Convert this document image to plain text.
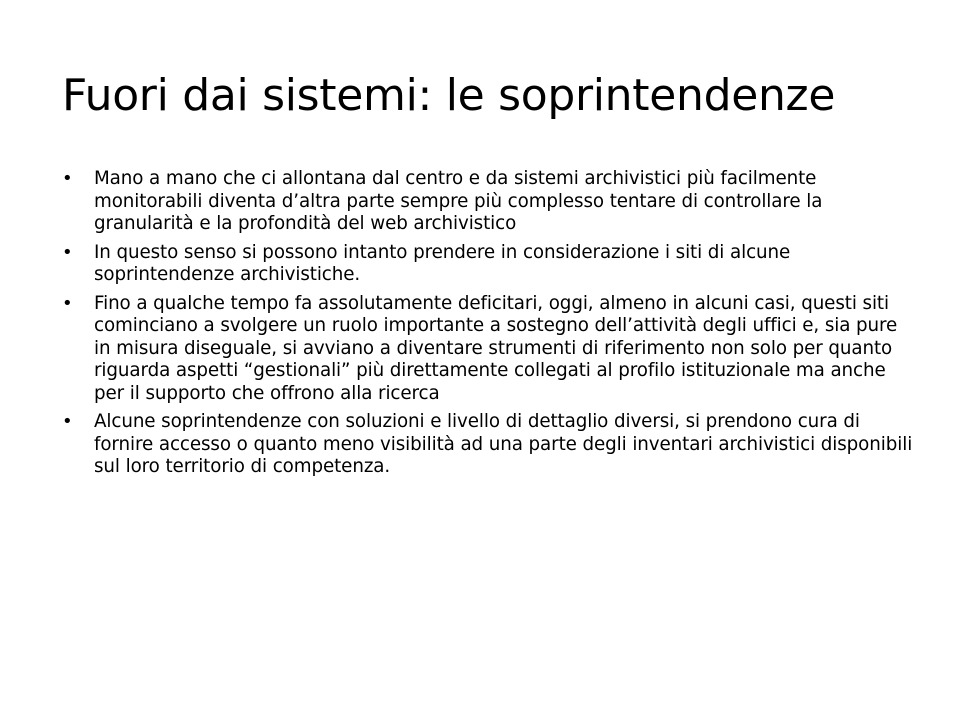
Fuori dai sistemi: le soprintendenze
• Mano a mano che ci allontana dal centro e da sistemi archivistici più facilmente monitorabili diventa d’altra parte sempre più complesso tentare di controllare la granularità e la profondità del web archivistico
• In questo senso si possono intanto prendere in considerazione i siti di alcune soprintendenze archivistiche.
• Fino a qualche tempo fa assolutamente deficitari, oggi, almeno in alcuni casi, questi siti cominciano a svolgere un ruolo importante a sostegno dell’attività degli uffici e, sia pure in misura diseguale, si avviano a diventare strumenti di riferimento non solo per quanto riguarda aspetti “gestionali” più direttamente collegati al profilo istituzionale ma anche per il supporto che offrono alla ricerca
• Alcune soprintendenze con soluzioni e livello di dettaglio diversi, si prendono cura di fornire accesso o quanto meno visibilità ad una parte degli inventari archivistici disponibili sul loro territorio di competenza.
